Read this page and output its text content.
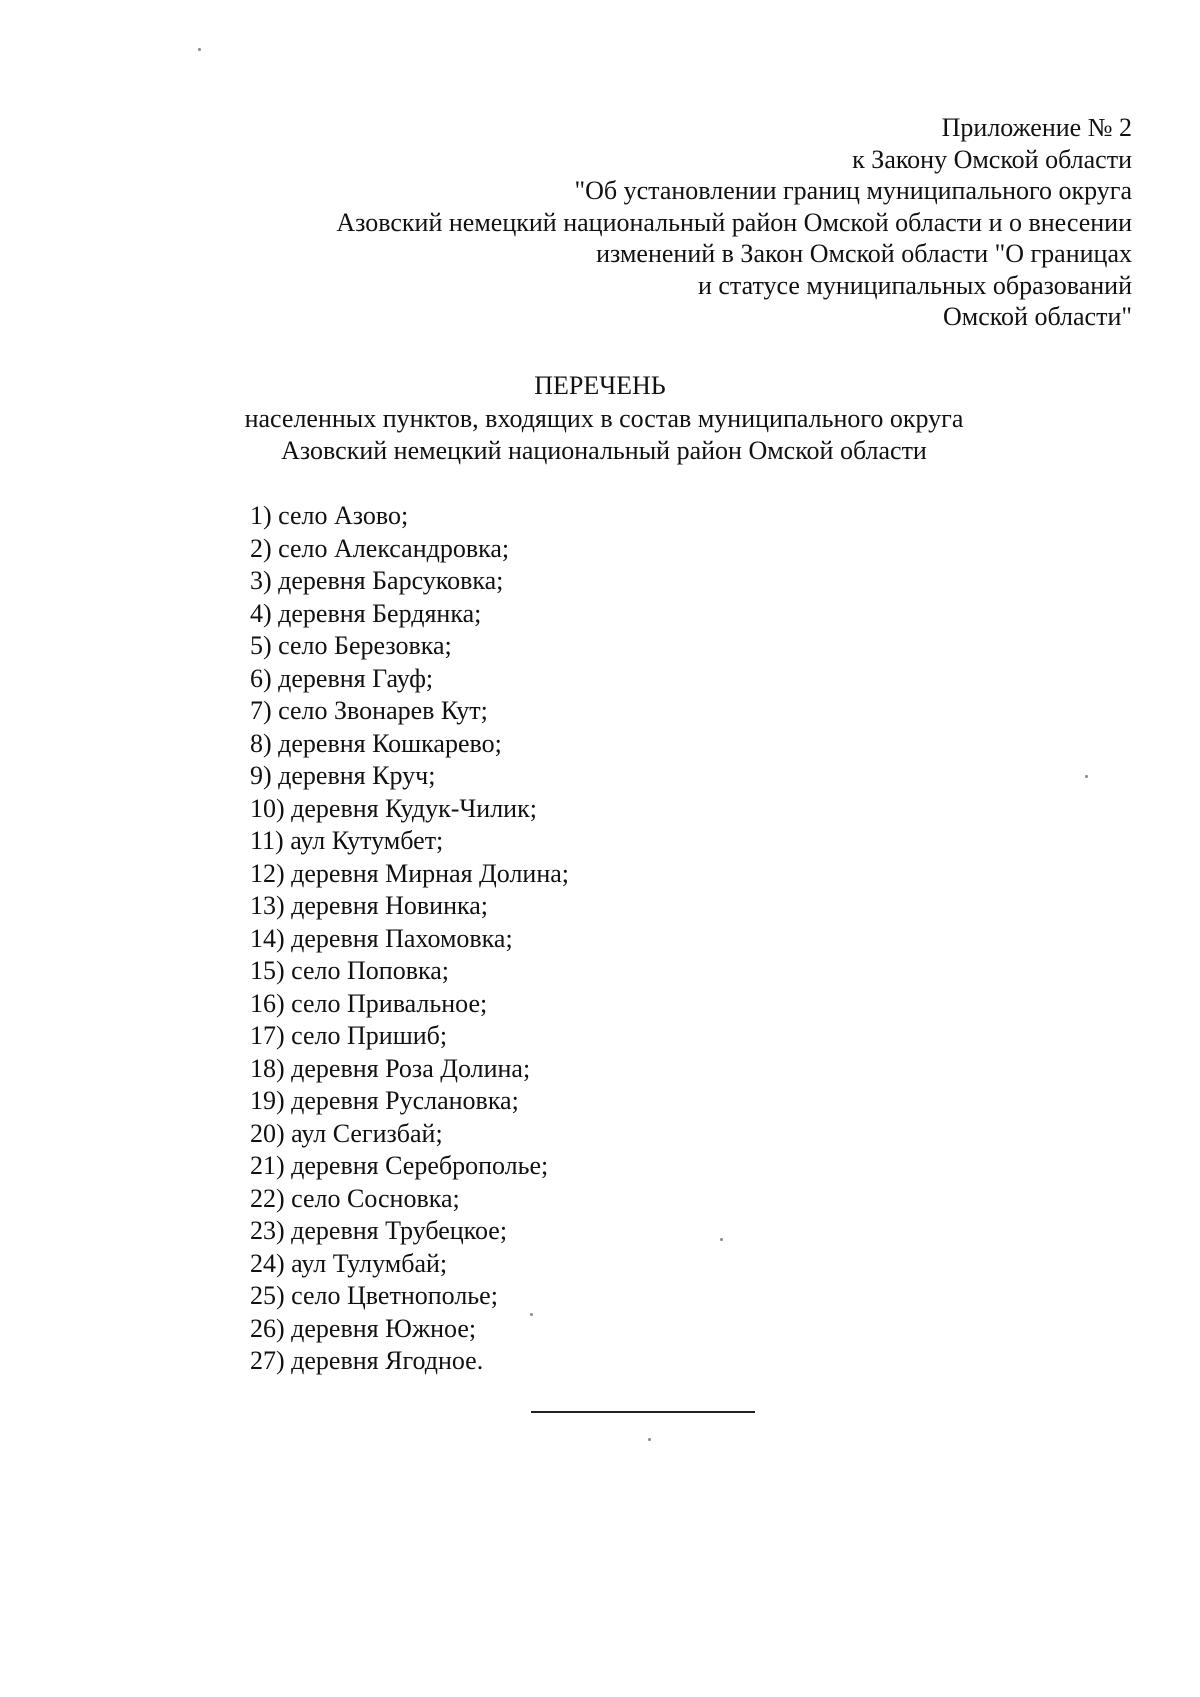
Приложение № 2
к Закону Омской области
"Об установлении границ муниципального округа
Азовский немецкий национальный район Омской области и о внесении
изменений в Закон Омской области "О границах
и статусе муниципальных образований
Омской области"
ПЕРЕЧЕНЬ
населенных пунктов, входящих в состав муниципального округа
Азовский немецкий национальный район Омской области
1) село Азово;
2) село Александровка;
3) деревня Барсуковка;
4) деревня Бердянка;
5) село Березовка;
6) деревня Гауф;
7) село Звонарев Кут;
8) деревня Кошкарево;
9) деревня Круч;
10) деревня Кудук-Чилик;
11) аул Кутумбет;
12) деревня Мирная Долина;
13) деревня Новинка;
14) деревня Пахомовка;
15) село Поповка;
16) село Привальное;
17) село Пришиб;
18) деревня Роза Долина;
19) деревня Руслановка;
20) аул Сегизбай;
21) деревня Сереброполье;
22) село Сосновка;
23) деревня Трубецкое;
24) аул Тулумбай;
25) село Цветнополье;
26) деревня Южное;
27) деревня Ягодное.
